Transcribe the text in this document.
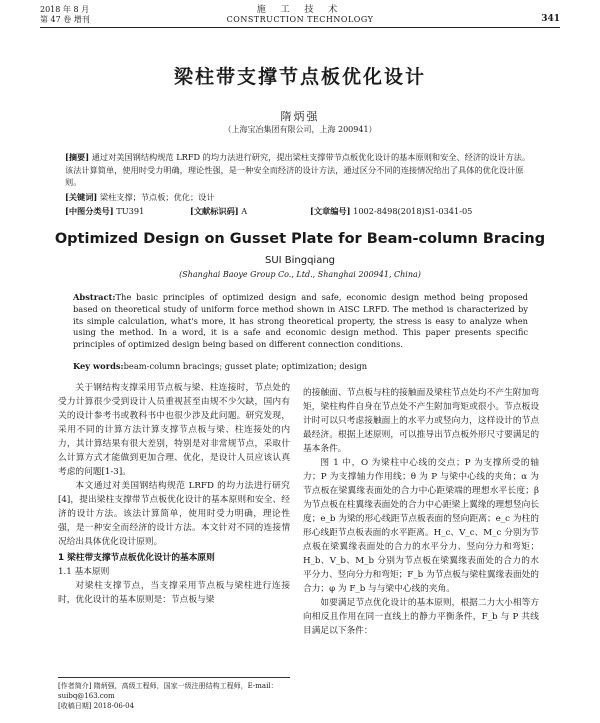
2018 年 8 月
第 47 卷 增刊
施 工 技 术
CONSTRUCTION TECHNOLOGY	341
梁柱带支撑节点板优化设计
隋炳强
（上海宝冶集团有限公司，上海 200941）
[摘要] 通过对美国钢结构规范 LRFD 的均力法进行研究，提出梁柱支撑带节点板优化设计的基本原则和安全、经济的设计方法。该法计算简单，使用时受力明确，理论性强，是一种安全而经济的设计方法，通过区分不同的连接情况给出了具体的优化设计原则。
[关键词] 梁柱支撑；节点板；优化；设计
[中图分类号] TU391	[文献标识码] A	[文章编号] 1002-8498(2018)S1-0341-05
Optimized Design on Gusset Plate for Beam-column Bracing
SUI Bingqiang
(Shanghai Baoye Group Co., Ltd., Shanghai 200941, China)
Abstract:The basic principles of optimized design and safe, economic design method being proposed based on theoretical study of uniform force method shown in AISC LRFD. The method is characterized by its simple calculation, what's more, it has strong theoretical property, the stress is easy to analyze when using the method. In a word, it is a safe and economic design method. This paper presents specific principles of optimized design being based on different connection conditions.
Key words:beam-column bracings; gusset plate; optimization; design

关于钢结构支撑采用节点板与梁、柱连接时，节点处的受力计算很少受到设计人员重视甚至由规不少欠缺，国内有关的设计参考书或教科书中也很少涉及此问题。研究发现，采用不同的计算方法计算支撑节点板与梁、柱连接处的内力，其计算结果有很大差别，特别是对非常规节点，采取什么计算方式才能做到更加合理、优化，是设计人员应该认真考虑的问题[1-3]。

本文通过对美国钢结构规范 LRFD 的均力法进行研究[4]，提出梁柱支撑带节点板优化设计的基本原则和安全、经济的设计方法。该法计算简单，使用时受力明确，理论性强，是一种安全而经济的设计方法。本文针对不同的连接情况给出具体优化设计原则。

1 梁柱带支撑节点板优化设计的基本原则

1.1 基本原则

对梁柱支撑节点，当支撑采用节点板与梁柱进行连接时，优化设计的基本原则是：节点板与梁

的接触面、节点板与柱的接触面及梁柱节点处均不产生附加弯矩，梁柱构件自身在节点处不产生附加弯矩或很小。节点板设计时可以只考虑接触面上的水平力或竖向力，这样设计的节点最经济。根据上述原则，可以推导出节点板外形尺寸要满足的基本条件。

图 1 中，O 为梁柱中心线的交点；P 为支撑所受的轴力；P 为支撑轴力作用线；θ 为 P 与梁中心线的夹角；α 为节点板在梁翼缘表面处的合力中心距梁端的理想水平长度；β 为节点板在柱翼缘表面处的合力中心距梁上翼缘的理想竖向长度；e_b 为梁的形心线距节点板表面的竖向距离；e_c 为柱的形心线距节点板表面的水平距离。H_c、V_c、M_c 分别为节点板在梁翼缘表面处的合力的水平分力、竖向分力和弯矩；H_b、V_b、M_b 分别为节点板在梁翼缘表面处的合力的水平分力、竖向分力和弯矩；F_b 为节点板与梁柱翼缘表面处的合力；φ 为 F_b 与与梁中心线的夹角。

如要满足节点优化设计的基本原则，根据二力大小相等方向相反且作用在同一直线上的静力平衡条件，F_b 与 P 共线目满足以下条件：

[作者简介] 隋炳强，高级工程师，国家一级注册结构工程师，E-mail：suibq@163.com
[收稿日期] 2018-06-04
